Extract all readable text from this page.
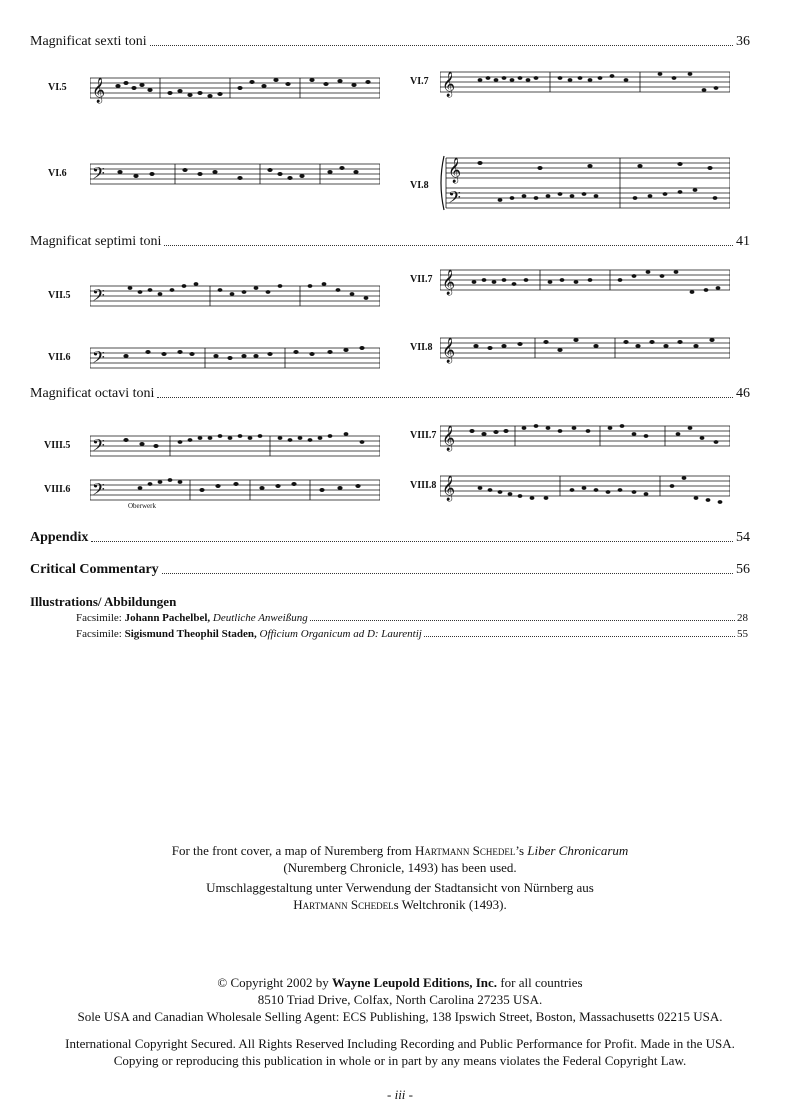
Magnificat sexti toni	36
VI.5 𝄞	VI.7 𝄞
VI.6 𝄢	VI.8
𝄞
𝄢
Magnificat septimi toni	41
VII.5 𝄢
VII.7 𝄞
VII.6 𝄢
VII.8 𝄞
Magnificat octavi toni	46
VIII.5 𝄢
VIII.7 𝄞
VIII.6 𝄢
Oberwerk
VIII.8 𝄞
Appendix	54
Critical Commentary	56
Illustrations/ Abbildungen
Facsimile: Johann Pachelbel, Deutliche Anweißung	28
Facsimile: Sigismund Theophil Staden, Officium Organicum ad D: Laurentij	55
For the front cover, a map of Nuremberg from Hartmann Schedel’s Liber Chronicarum
(Nuremberg Chronicle, 1493) has been used.
Umschlaggestaltung unter Verwendung der Stadtansicht von Nürnberg aus
Hartmann Schedels Weltchronik (1493).
© Copyright 2002 by Wayne Leupold Editions, Inc. for all countries
8510 Triad Drive, Colfax, North Carolina 27235 USA.
Sole USA and Canadian Wholesale Selling Agent: ECS Publishing, 138 Ipswich Street, Boston, Massachusetts 02215 USA.
International Copyright Secured. All Rights Reserved Including Recording and Public Performance for Profit. Made in the USA.
Copying or reproducing this publication in whole or in part by any means violates the Federal Copyright Law.
- iii -
